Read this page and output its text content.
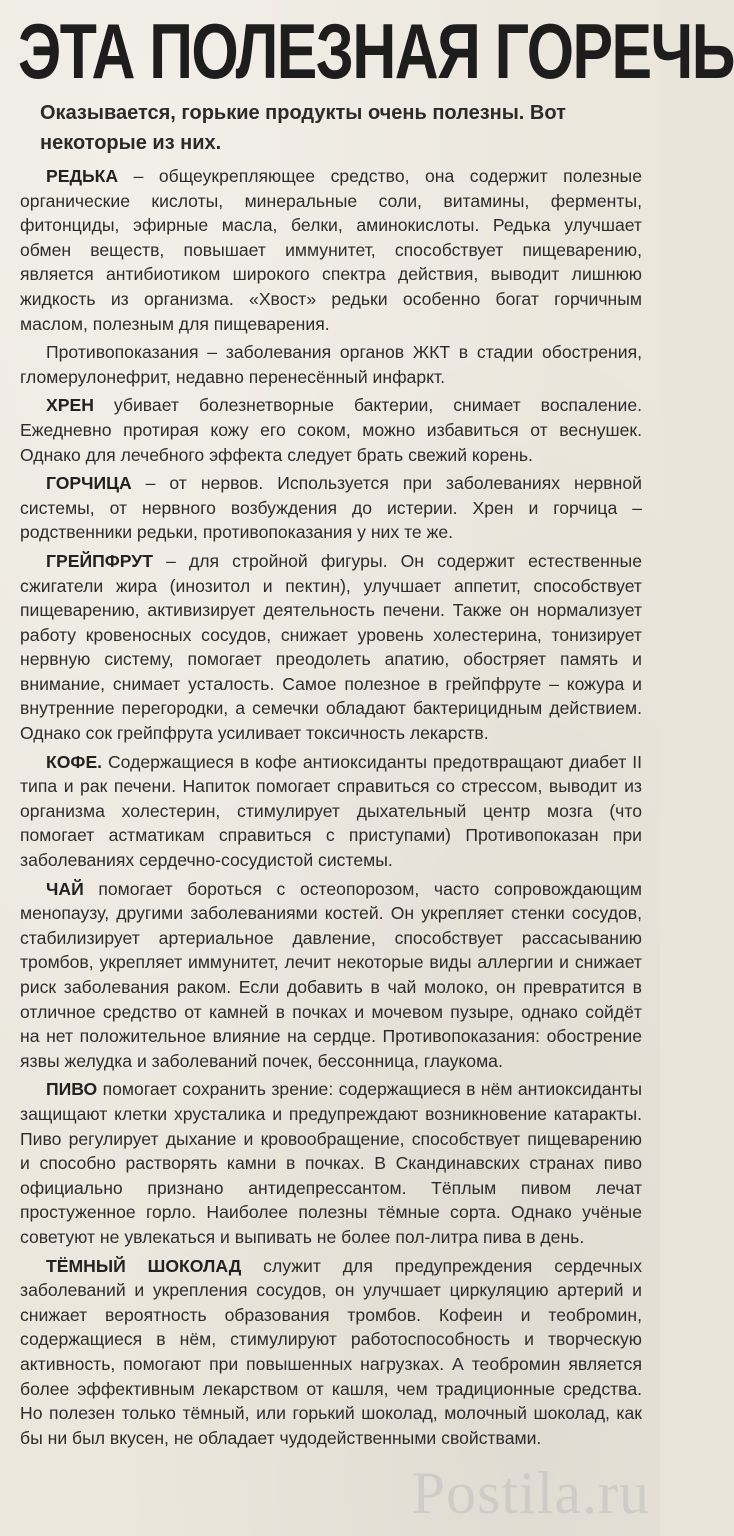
ЭТА ПОЛЕЗНАЯ ГОРЕЧЬ

Оказывается, горькие продукты очень полезны. Вот некоторые из них.

РЕДЬКА – общеукрепляющее средство, она содержит полезные органические кислоты, минеральные соли, витамины, ферменты, фитонциды, эфирные масла, белки, аминокислоты. Редька улучшает обмен веществ, повышает иммунитет, способствует пищеварению, является антибиотиком широкого спектра действия, выводит лишнюю жидкость из организма. «Хвост» редьки особенно богат горчичным маслом, полезным для пищеварения.

Противопоказания – заболевания органов ЖКТ в стадии обострения, гломерулонефрит, недавно перенесённый инфаркт.

ХРЕН убивает болезнетворные бактерии, снимает воспаление. Ежедневно протирая кожу его соком, можно избавиться от веснушек. Однако для лечебного эффекта следует брать свежий корень.

ГОРЧИЦА – от нервов. Используется при заболеваниях нервной системы, от нервного возбуждения до истерии. Хрен и горчица – родственники редьки, противопоказания у них те же.

ГРЕЙПФРУТ – для стройной фигуры. Он содержит естественные сжигатели жира (инозитол и пектин), улучшает аппетит, способствует пищеварению, активизирует деятельность печени. Также он нормализует работу кровеносных сосудов, снижает уровень холестерина, тонизирует нервную систему, помогает преодолеть апатию, обостряет память и внимание, снимает усталость. Самое полезное в грейпфруте – кожура и внутренние перегородки, а семечки обладают бактерицидным действием. Однако сок грейпфрута усиливает токсичность лекарств.

КОФЕ. Содержащиеся в кофе антиоксиданты предотвращают диабет II типа и рак печени. Напиток помогает справиться со стрессом, выводит из организма холестерин, стимулирует дыхательный центр мозга (что помогает астматикам справиться с приступами) Противопоказан при заболеваниях сердечно-сосудистой системы.

ЧАЙ помогает бороться с остеопорозом, часто сопровождающим менопаузу, другими заболеваниями костей. Он укрепляет стенки сосудов, стабилизирует артериальное давление, способствует рассасыванию тромбов, укрепляет иммунитет, лечит некоторые виды аллергии и снижает риск заболевания раком. Если добавить в чай молоко, он превратится в отличное средство от камней в почках и мочевом пузыре, однако сойдёт на нет положительное влияние на сердце. Противопоказания: обострение язвы желудка и заболеваний почек, бессонница, глаукома.

ПИВО помогает сохранить зрение: содержащиеся в нём антиоксиданты защищают клетки хрусталика и предупреждают возникновение катаракты. Пиво регулирует дыхание и кровообращение, способствует пищеварению и способно растворять камни в почках. В Скандинавских странах пиво официально признано антидепрессантом. Тёплым пивом лечат простуженное горло. Наиболее полезны тёмные сорта. Однако учёные советуют не увлекаться и выпивать не более пол-литра пива в день.

ТЁМНЫЙ ШОКОЛАД служит для предупреждения сердечных заболеваний и укрепления сосудов, он улучшает циркуляцию артерий и снижает вероятность образования тромбов. Кофеин и теобромин, содержащиеся в нём, стимулируют работоспособность и творческую активность, помогают при повышенных нагрузках. А теобромин является более эффективным лекарством от кашля, чем традиционные средства. Но полезен только тёмный, или горький шоколад, молочный шоколад, как бы ни был вкусен, не обладает чудодейственными свойствами.

Postila.ru
